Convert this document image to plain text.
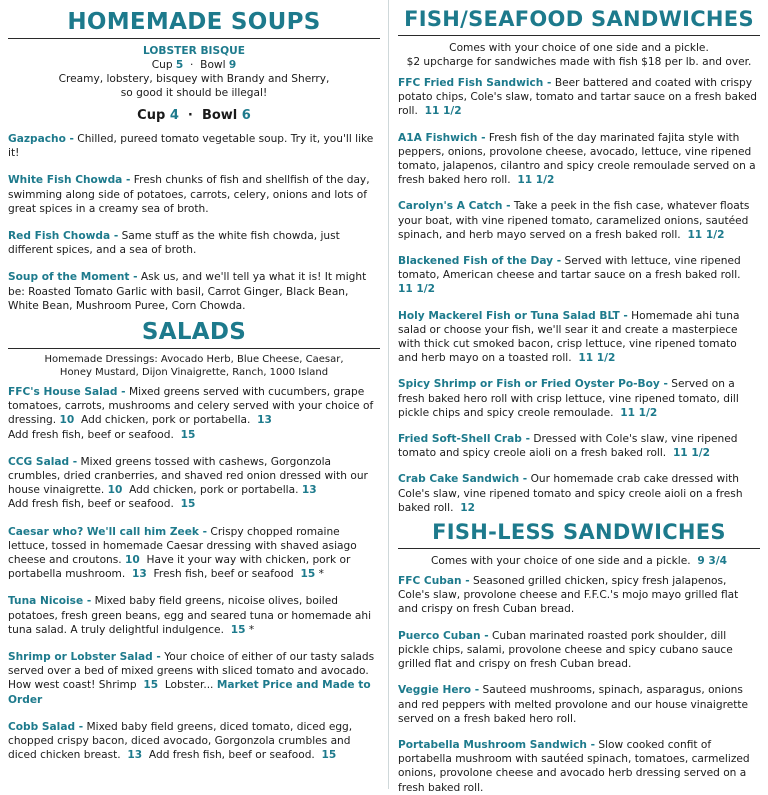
HOMEMADE SOUPS
LOBSTER BISQUE
Cup 5 · Bowl 9
Creamy, lobstery, bisquey with Brandy and Sherry,
so good it should be illegal!
Cup 4 · Bowl 6

Gazpacho - Chilled, pureed tomato vegetable soup. Try it, you'll like it!

White Fish Chowda - Fresh chunks of fish and shellfish of the day, swimming along side of potatoes, carrots, celery, onions and lots of great spices in a creamy sea of broth.

Red Fish Chowda - Same stuff as the white fish chowda, just different spices, and a sea of broth.

Soup of the Moment - Ask us, and we'll tell ya what it is! It might be: Roasted Tomato Garlic with basil, Carrot Ginger, Black Bean, White Bean, Mushroom Puree, Corn Chowda.

SALADS
Homemade Dressings: Avocado Herb, Blue Cheese, Caesar,
Honey Mustard, Dijon Vinaigrette, Ranch, 1000 Island

FFC's House Salad - Mixed greens served with cucumbers, grape tomatoes, carrots, mushrooms and celery served with your choice of dressing. 10 Add chicken, pork or portabella. 13
Add fresh fish, beef or seafood. 15

CCG Salad - Mixed greens tossed with cashews, Gorgonzola crumbles, dried cranberries, and shaved red onion dressed with our house vinaigrette. 10 Add chicken, pork or portabella. 13
Add fresh fish, beef or seafood. 15

Caesar who? We'll call him Zeek - Crispy chopped romaine lettuce, tossed in homemade Caesar dressing with shaved asiago cheese and croutons. 10 Have it your way with chicken, pork or portabella mushroom. 13 Fresh fish, beef or seafood 15 *

Tuna Nicoise - Mixed baby field greens, nicoise olives, boiled potatoes, fresh green beans, egg and seared tuna or homemade ahi tuna salad. A truly delightful indulgence. 15 *

Shrimp or Lobster Salad - Your choice of either of our tasty salads served over a bed of mixed greens with sliced tomato and avocado. How west coast! Shrimp 15 Lobster... Market Price and Made to Order

Cobb Salad - Mixed baby field greens, diced tomato, diced egg, chopped crispy bacon, diced avocado, Gorgonzola crumbles and diced chicken breast. 13 Add fresh fish, beef or seafood. 15

FISH/SEAFOOD SANDWICHES
Comes with your choice of one side and a pickle.
$2 upcharge for sandwiches made with fish $18 per lb. and over.

FFC Fried Fish Sandwich - Beer battered and coated with crispy potato chips, Cole's slaw, tomato and tartar sauce on a fresh baked roll. 11 1/2

A1A Fishwich - Fresh fish of the day marinated fajita style with peppers, onions, provolone cheese, avocado, lettuce, vine ripened tomato, jalapenos, cilantro and spicy creole remoulade served on a fresh baked hero roll. 11 1/2

Carolyn's A Catch - Take a peek in the fish case, whatever floats your boat, with vine ripened tomato, caramelized onions, sautéed spinach, and herb mayo served on a fresh baked roll. 11 1/2

Blackened Fish of the Day - Served with lettuce, vine ripened tomato, American cheese and tartar sauce on a fresh baked roll.  11 1/2

Holy Mackerel Fish or Tuna Salad BLT - Homemade ahi tuna salad or choose your fish, we'll sear it and create a masterpiece with thick cut smoked bacon, crisp lettuce, vine ripened tomato and herb mayo on a toasted roll. 11 1/2

Spicy Shrimp or Fish or Fried Oyster Po-Boy - Served on a fresh baked hero roll with crisp lettuce, vine ripened tomato, dill pickle chips and spicy creole remoulade. 11 1/2

Fried Soft-Shell Crab - Dressed with Cole's slaw, vine ripened tomato and spicy creole aioli on a fresh baked roll. 11 1/2

Crab Cake Sandwich - Our homemade crab cake dressed with Cole's slaw, vine ripened tomato and spicy creole aioli on a fresh baked roll. 12

FISH-LESS SANDWICHES
Comes with your choice of one side and a pickle. 9 3/4

FFC Cuban - Seasoned grilled chicken, spicy fresh jalapenos, Cole's slaw, provolone cheese and F.F.C.'s mojo mayo grilled flat and crispy on fresh Cuban bread.

Puerco Cuban - Cuban marinated roasted pork shoulder, dill pickle chips, salami, provolone cheese and spicy cubano sauce grilled flat and crispy on fresh Cuban bread.

Veggie Hero - Sauteed mushrooms, spinach, asparagus, onions and red peppers with melted provolone and our house vinaigrette served on a fresh baked hero roll.

Portabella Mushroom Sandwich - Slow cooked confit of portabella mushroom with sautéed spinach, tomatoes, carmelized onions, provolone cheese and avocado herb dressing served on a fresh baked roll.
